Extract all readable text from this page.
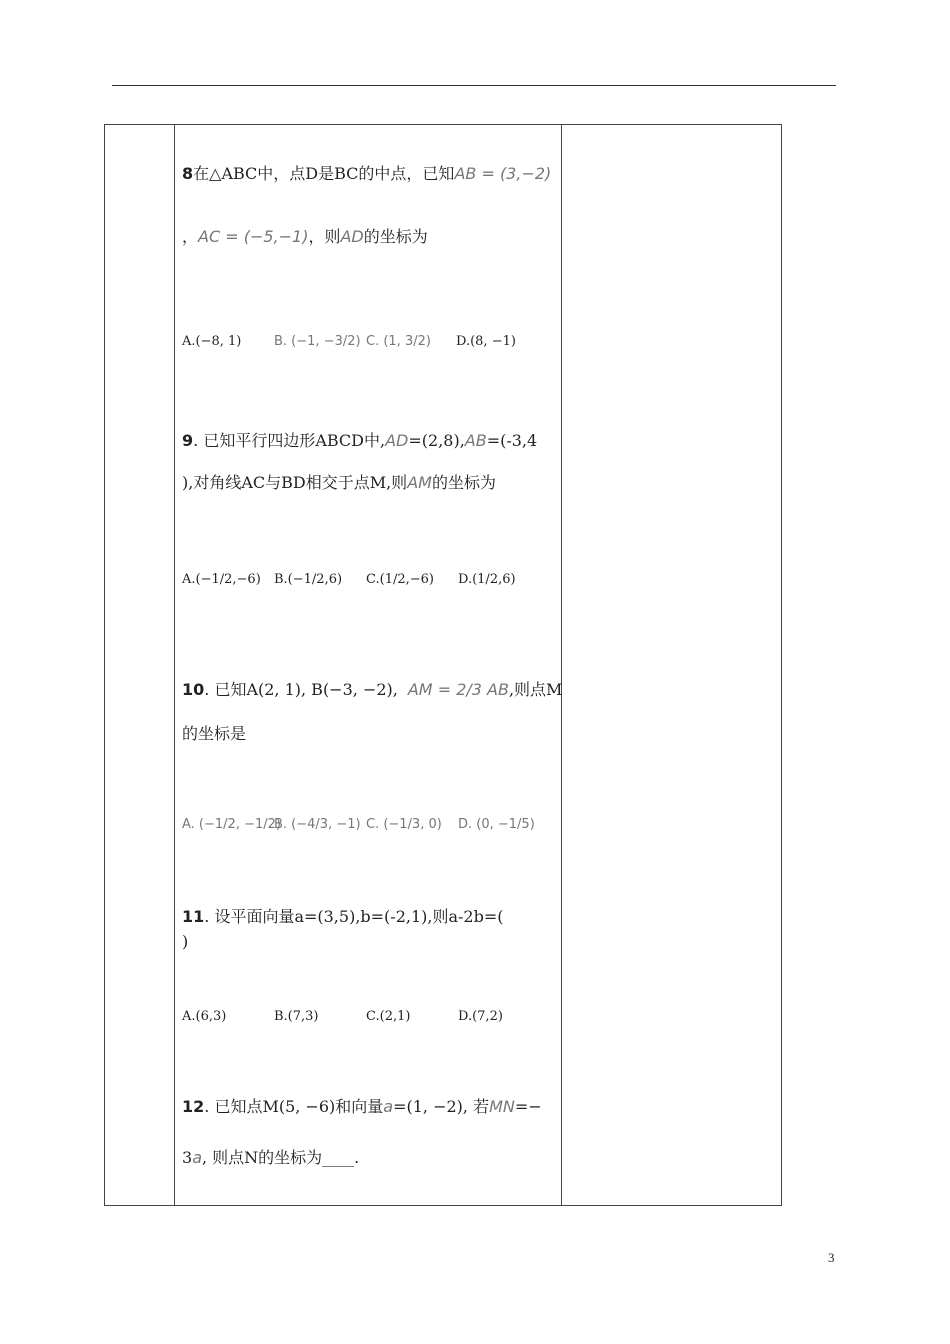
8在△ABC中，点D是BC的中点，已知AB = (3,−2)
，AC = (−5,−1)，则AD的坐标为
A.(−8, 1)	B. (−1, −3/2) C. (1, 3/2) D.(8, −1)
9. 已知平行四边形ABCD中,AD=(2,8),AB=(-3,4
),对角线AC与BD相交于点M,则AM的坐标为
A.(−1/2,−6) B.(−1/2,6) C.(1/2,−6) D.(1/2,6)
10. 已知A(2, 1), B(−3, −2), AM = 2/3 AB,则点M
的坐标是
A. (−1/2, −1/2)B. (−4/3, −1) C. (−1/3, 0) D. (0, −1/5)
11. 设平面向量a=(3,5),b=(-2,1),则a-2b=(
)
A.(6,3)	B.(7,3)	C.(2,1)	D.(7,2)
12. 已知点M(5, −6)和向量a=(1, −2), 若MN=−
3a, 则点N的坐标为____.
3
